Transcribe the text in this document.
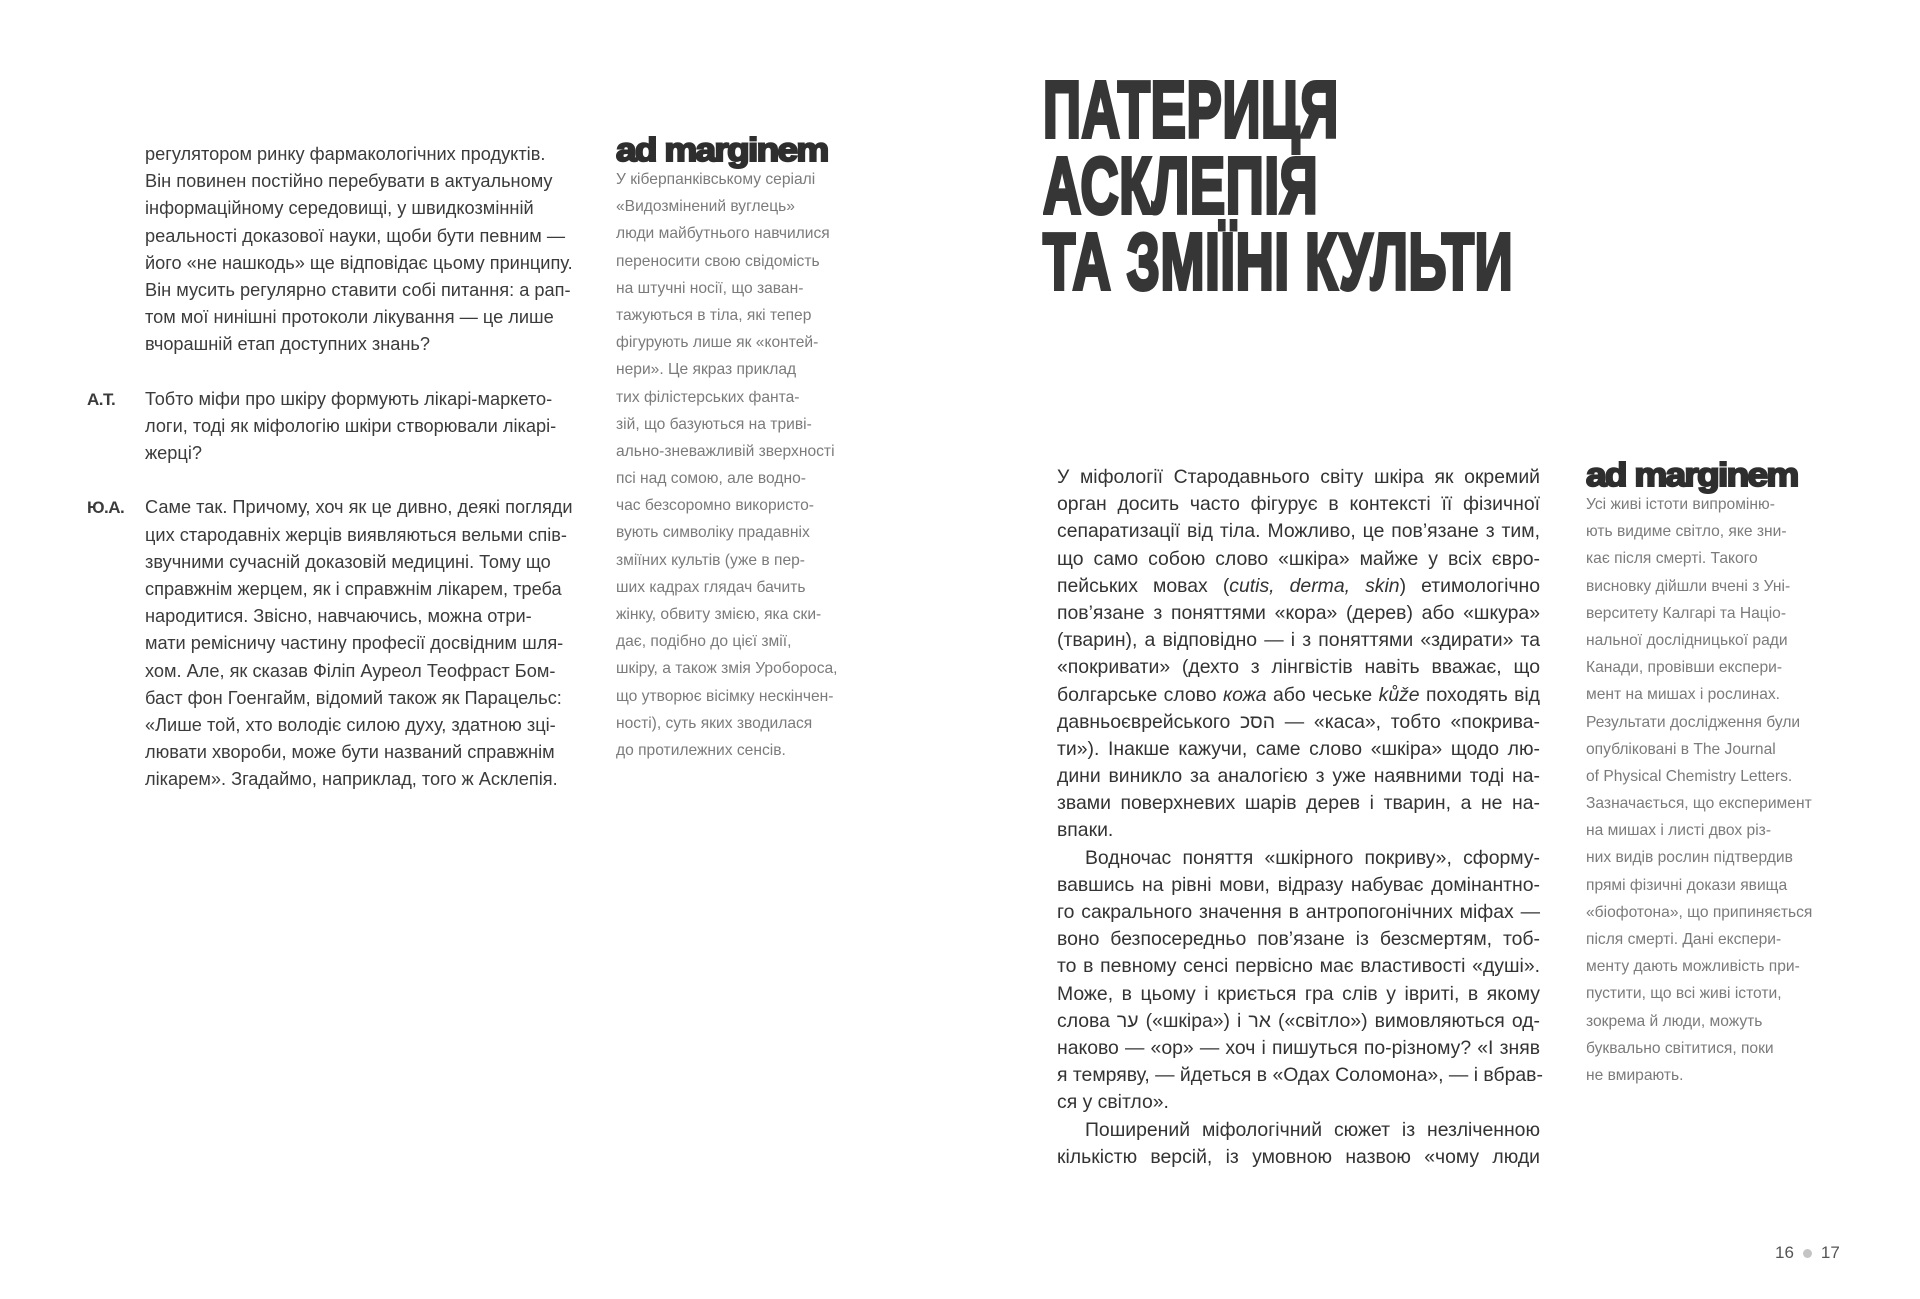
регулятором ринку фармакологічних продуктів.
Він повинен постійно перебувати в актуальному
інформаційному середовищі, у швидкозмінній
реальності доказової науки, щоби бути певним —
його «не нашкодь» ще відповідає цьому принципу.
Він мусить регулярно ставити собі питання: а рап-
том мої нинішні протоколи лікування — це лише
вчорашній етап доступних знань?
А.Т. Тобто міфи про шкіру формують лікарі-маркето-
логи, тоді як міфологію шкіри створювали лікарі-
жерці?
Ю.А. Саме так. Причому, хоч як це дивно, деякі погляди
цих стародавніх жерців виявляються вельми спів-
звучними сучасній доказовій медицині. Тому що
справжнім жерцем, як і справжнім лікарем, треба
народитися. Звісно, навчаючись, можна отри-
мати ремісничу частину професії досвідним шля-
хом. Але, як сказав Філіп Ауреол Теофраст Бом-
баст фон Гоенгайм, відомий також як Парацельс:
«Лише той, хто володіє силою духу, здатною зці-
лювати хвороби, може бути названий справжнім
лікарем». Згадаймо, наприклад, того ж Асклепія.
ad marginem
У кіберпанківському серіалі
«Видозмінений вуглець»
люди майбутнього навчилися
переносити свою свідомість
на штучні носії, що заван-
тажуються в тіла, які тепер
фігурують лише як «контей-
нери». Це якраз приклад
тих філістерських фанта-
зій, що базуються на триві-
ально-зневажливій зверхності
псі над сомою, але водно-
час безсоромно використо-
вують символіку прадавніх
зміїних культів (уже в пер-
ших кадрах глядач бачить
жінку, обвиту змією, яка ски-
дає, подібно до цієї змії,
шкіру, а також змія Уробороса,
що утворює вісімку нескінчен-
ності), суть яких зводилася
до протилежних сенсів.
ПАТЕРИЦЯ
АСКЛЕПІЯ
ТА ЗМІЇНІ КУЛЬТИ
У міфології Стародавнього світу шкіра як окремий
орган досить часто фігурує в контексті її фізичної
сепаратизації від тіла. Можливо, це пов’язане з тим,
що само собою слово «шкіра» майже у всіх євро-
пейських мовах (cutis, derma, skin) етимологічно
пов’язане з поняттями «кора» (дерев) або «шкура»
(тварин), а відповідно — і з поняттями «здирати» та
«покривати» (дехто з лінгвістів навіть вважає, що
болгарське слово кожа або чеське kůže походять від
давньоєврейського הסכ — «каса», тобто «покрива-
ти»). Інакше кажучи, саме слово «шкіра» щодо лю-
дини виникло за аналогією з уже наявними тоді на-
звами поверхневих шарів дерев і тварин, а не на-
впаки.
Водночас поняття «шкірного покриву», сформу-
вавшись на рівні мови, відразу набуває домінантно-
го сакрального значення в антропогонічних міфах —
воно безпосередньо пов’язане із безсмертям, тоб-
то в певному сенсі первісно має властивості «душі».
Може, в цьому і криється гра слів у івриті, в якому
слова ער («шкіра») і אר («світло») вимовляються од-
наково — «ор» — хоч і пишуться по-різному? «І зняв
я темряву, — йдеться в «Одах Соломона», — і вбрав-
ся у світло».
Поширений міфологічний сюжет із незліченною
кількістю версій, із умовною назвою «чому люди
ad marginem
Усі живі істоти випроміню-
ють видиме світло, яке зни-
кає після смерті. Такого
висновку дійшли вчені з Уні-
верситету Калгарі та Націо-
нальної дослідницької ради
Канади, провівши експери-
мент на мишах і рослинах.
Результати дослідження були
опубліковані в The Journal
of Physical Chemistry Letters.
Зазначається, що експеримент
на мишах і листі двох різ-
них видів рослин підтвердив
прямі фізичні докази явища
«біофотона», що припиняється
після смерті. Дані експери-
менту дають можливість при-
пустити, що всі живі істоти,
зокрема й люди, можуть
буквально світитися, поки
не вмирають.
16 17
